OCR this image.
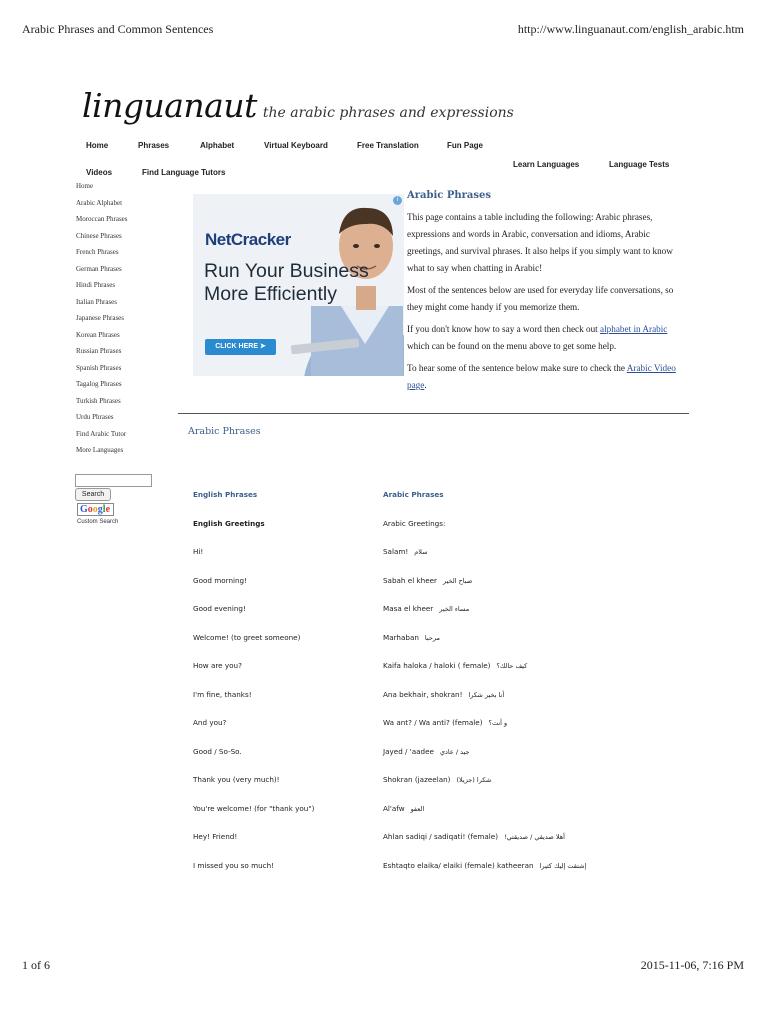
Arabic Phrases and Common Sentences	http://www.linguanaut.com/english_arabic.htm
linguanaut the arabic phrases and expressions
Home	Phrases	Alphabet	Virtual Keyboard	Free Translation	Fun Page
Videos	Find Language Tutors
Learn Languages	Language Tests
Home
Arabic Alphabet
Moroccan Phrases
Chinese Phrases
French Phrases
German Phrases
Hindi Phrases
Italian Phrases
Japanese Phrases
Korean Phrases
Russian Phrases
Spanish Phrases
Tagalog Phrases
Turkish Phrases
Urdu Phrases
Find Arabic Tutor
More Languages
Search
Google
Custom Search
NetCracker
Run Your Business More Efficiently
CLICK HERE ➤
i Arabic Phrases

This page contains a table including the following: Arabic phrases, expressions and words in Arabic, conversation and idioms, Arabic greetings, and survival phrases. It also helps if you simply want to know what to say when chatting in Arabic!

Most of the sentences below are used for everyday life conversations, so they might come handy if you memorize them.

If you don't know how to say a word then check out alphabet in Arabic which can be found on the menu above to get some help.

To hear some of the sentence below make sure to check the Arabic Video page.

Arabic Phrases
English Phrases	Arabic Phrases
English Greetings	Arabic Greetings:
Hi!	Salam! سلام
Good morning!	Sabah el kheer صباح الخير
Good evening!	Masa el kheer مساء الخير
Welcome! (to greet someone)	Marhaban مرحبا
How are you?	Kaifa haloka / haloki ( female) كيف حالك؟
I'm fine, thanks!	Ana bekhair, shokran! أنا بخير شكرا
And you?	Wa ant? / Wa anti? (female) و أنت؟
Good / So-So.	Jayed / 'aadee جيد / عادي
Thank you (very much)!	Shokran (jazeelan) شكرا (جزيلا)
You're welcome! (for "thank you")	Al'afw العفو
Hey! Friend!	Ahlan sadiqi / sadiqati! (female) أهلا صديقي / صديقتي!
I missed you so much!	Eshtaqto elaika/ elaiki (female) katheeran إشتقت إليك كثيرا
1 of 6	2015-11-06, 7:16 PM
